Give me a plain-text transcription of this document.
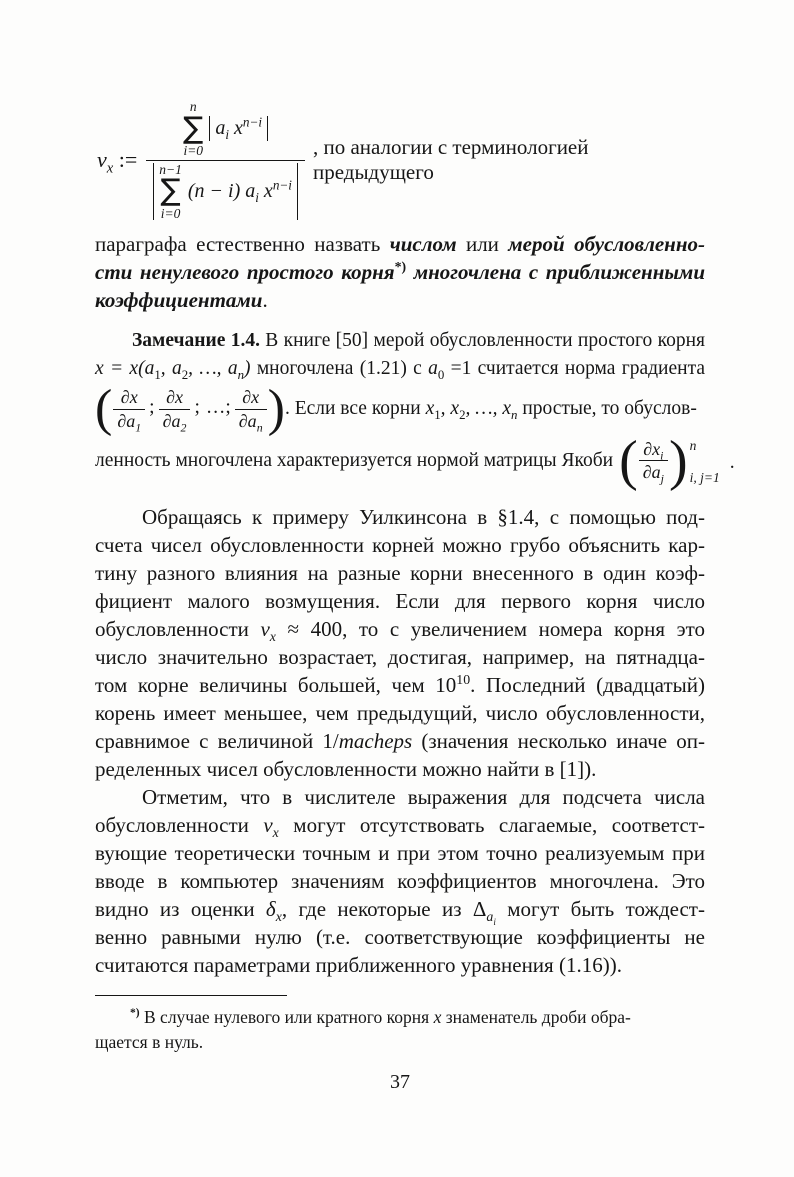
$\nu_x$ :=
n
∑
i=0
$a_i$ $x^{n-i}$
n−1
∑
i=0
(n − i) $a_i$ $x^{n-i}$
, по аналогии с терминологией предыдущего
параграфа естественно назвать числом или мерой обусловленно-
сти ненулевого простого корня*) многочлена с приближенными
коэффициентами.
Замечание 1.4. В книге [50] мерой обусловленности простого корня
$x = x(a_1$, $a_2$, …, $a_n$) многочлена (1.21) с $a_0 =1$ считается норма градиента
( ∂x
$\partial a_1$
; ∂x
$\partial a_2$
; …; ∂x
$\partial a_n$ ) . Если все корни $x_1$, $x_2$, …, $x_n$ простые, то обуслов-
ленность многочлена характеризуется нормой матрицы Якоби ( $\partial x_i$
$\partial a_j$ ) n
i, j=1
.
Обращаясь к примеру Уилкинсона в §1.4, с помощью под-
счета чисел обусловленности корней можно грубо объяснить кар-
тину разного влияния на разные корни внесенного в один коэф-
фициент малого возмущения. Если для первого корня число
обусловленности $\nu_x \approx 400$, то с увеличением номера корня это
число значительно возрастает, достигая, например, на пятнадца-
том корне величины большей, чем $10^{10}$. Последний (двадцатый)
корень имеет меньшее, чем предыдущий, число обусловленности,
сравнимое с величиной 1/macheps (значения несколько иначе оп-
ределенных чисел обусловленности можно найти в [1]).
Отметим, что в числителе выражения для подсчета числа
обусловленности $\nu_x$ могут отсутствовать слагаемые, соответст-
вующие теоретически точным и при этом точно реализуемым при
вводе в компьютер значениям коэффициентов многочлена. Это
видно из оценки $\delta_x$, где некоторые из $\Delta_{a_i}$ могут быть тождест-
венно равными нулю (т.е. соответствующие коэффициенты не
считаются параметрами приближенного уравнения (1.16)).
*) В случае нулевого или кратного корня x знаменатель дроби обра-
щается в нуль.
37
